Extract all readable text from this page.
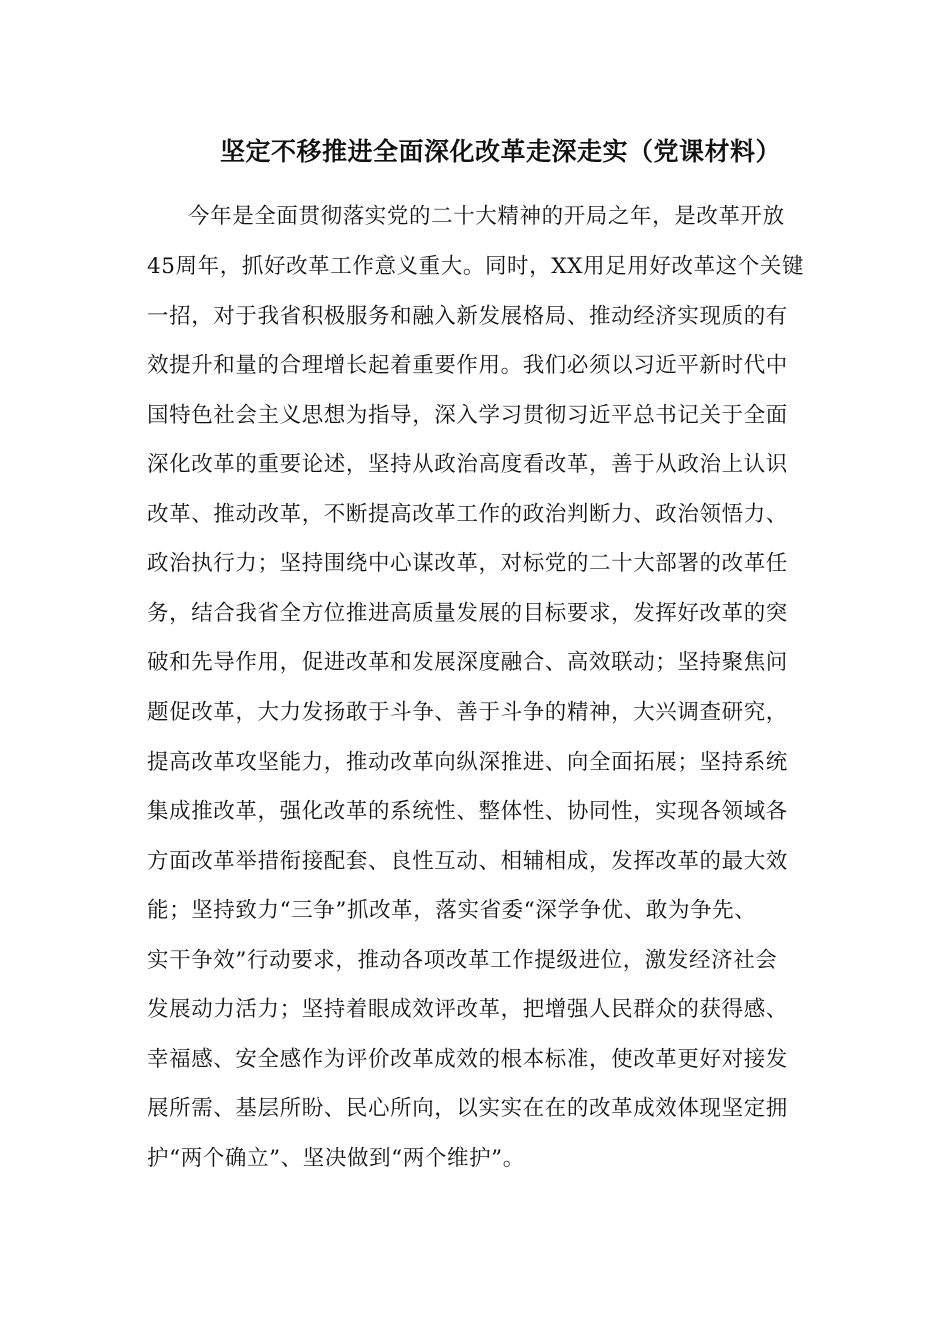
坚定不移推进全面深化改革走深走实（党课材料）

今年是全面贯彻落实党的二十大精神的开局之年，是改革开放

45周年，抓好改革工作意义重大。同时，XX用足用好改革这个关键

一招，对于我省积极服务和融入新发展格局、推动经济实现质的有

效提升和量的合理增长起着重要作用。我们必须以习近平新时代中

国特色社会主义思想为指导，深入学习贯彻习近平总书记关于全面

深化改革的重要论述，坚持从政治高度看改革，善于从政治上认识

改革、推动改革，不断提高改革工作的政治判断力、政治领悟力、

政治执行力；坚持围绕中心谋改革，对标党的二十大部署的改革任

务，结合我省全方位推进高质量发展的目标要求，发挥好改革的突

破和先导作用，促进改革和发展深度融合、高效联动；坚持聚焦问

题促改革，大力发扬敢于斗争、善于斗争的精神，大兴调查研究，

提高改革攻坚能力，推动改革向纵深推进、向全面拓展；坚持系统

集成推改革，强化改革的系统性、整体性、协同性，实现各领域各

方面改革举措衔接配套、良性互动、相辅相成，发挥改革的最大效

能；坚持致力“三争”抓改革，落实省委“深学争优、敢为争先、

实干争效”行动要求，推动各项改革工作提级进位，激发经济社会

发展动力活力；坚持着眼成效评改革，把增强人民群众的获得感、

幸福感、安全感作为评价改革成效的根本标准，使改革更好对接发

展所需、基层所盼、民心所向，以实实在在的改革成效体现坚定拥

护“两个确立”、坚决做到“两个维护”。
